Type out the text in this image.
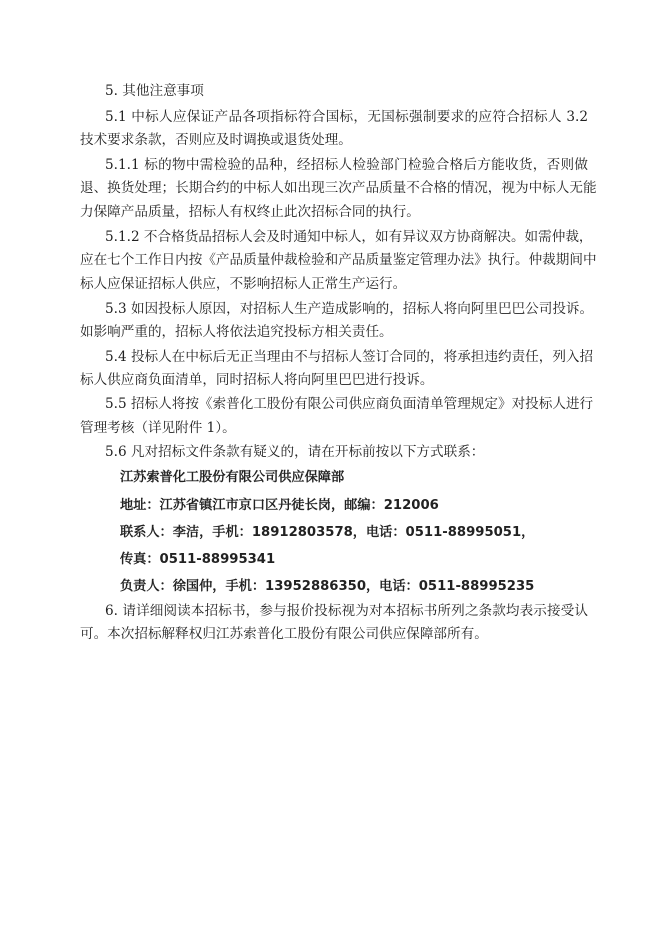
5. 其他注意事项
5.1 中标人应保证产品各项指标符合国标，无国标强制要求的应符合招标人 3.2
技术要求条款，否则应及时调换或退货处理。
5.1.1 标的物中需检验的品种，经招标人检验部门检验合格后方能收货，否则做
退、换货处理；长期合约的中标人如出现三次产品质量不合格的情况，视为中标人无能
力保障产品质量，招标人有权终止此次招标合同的执行。
5.1.2 不合格货品招标人会及时通知中标人，如有异议双方协商解决。如需仲裁，
应在七个工作日内按《产品质量仲裁检验和产品质量鉴定管理办法》执行。仲裁期间中
标人应保证招标人供应，不影响招标人正常生产运行。
5.3 如因投标人原因，对招标人生产造成影响的，招标人将向阿里巴巴公司投诉。
如影响严重的，招标人将依法追究投标方相关责任。
5.4 投标人在中标后无正当理由不与招标人签订合同的，将承担违约责任，列入招
标人供应商负面清单，同时招标人将向阿里巴巴进行投诉。
5.5 招标人将按《索普化工股份有限公司供应商负面清单管理规定》对投标人进行
管理考核（详见附件 1）。
5.6 凡对招标文件条款有疑义的，请在开标前按以下方式联系：
江苏索普化工股份有限公司供应保障部
地址：江苏省镇江市京口区丹徒长岗，邮编：212006
联系人：李洁，手机：18912803578，电话：0511-88995051，
传真：0511-88995341
负责人：徐国仲，手机：13952886350，电话：0511-88995235
6. 请详细阅读本招标书，参与报价投标视为对本招标书所列之条款均表示接受认
可。本次招标解释权归江苏索普化工股份有限公司供应保障部所有。
